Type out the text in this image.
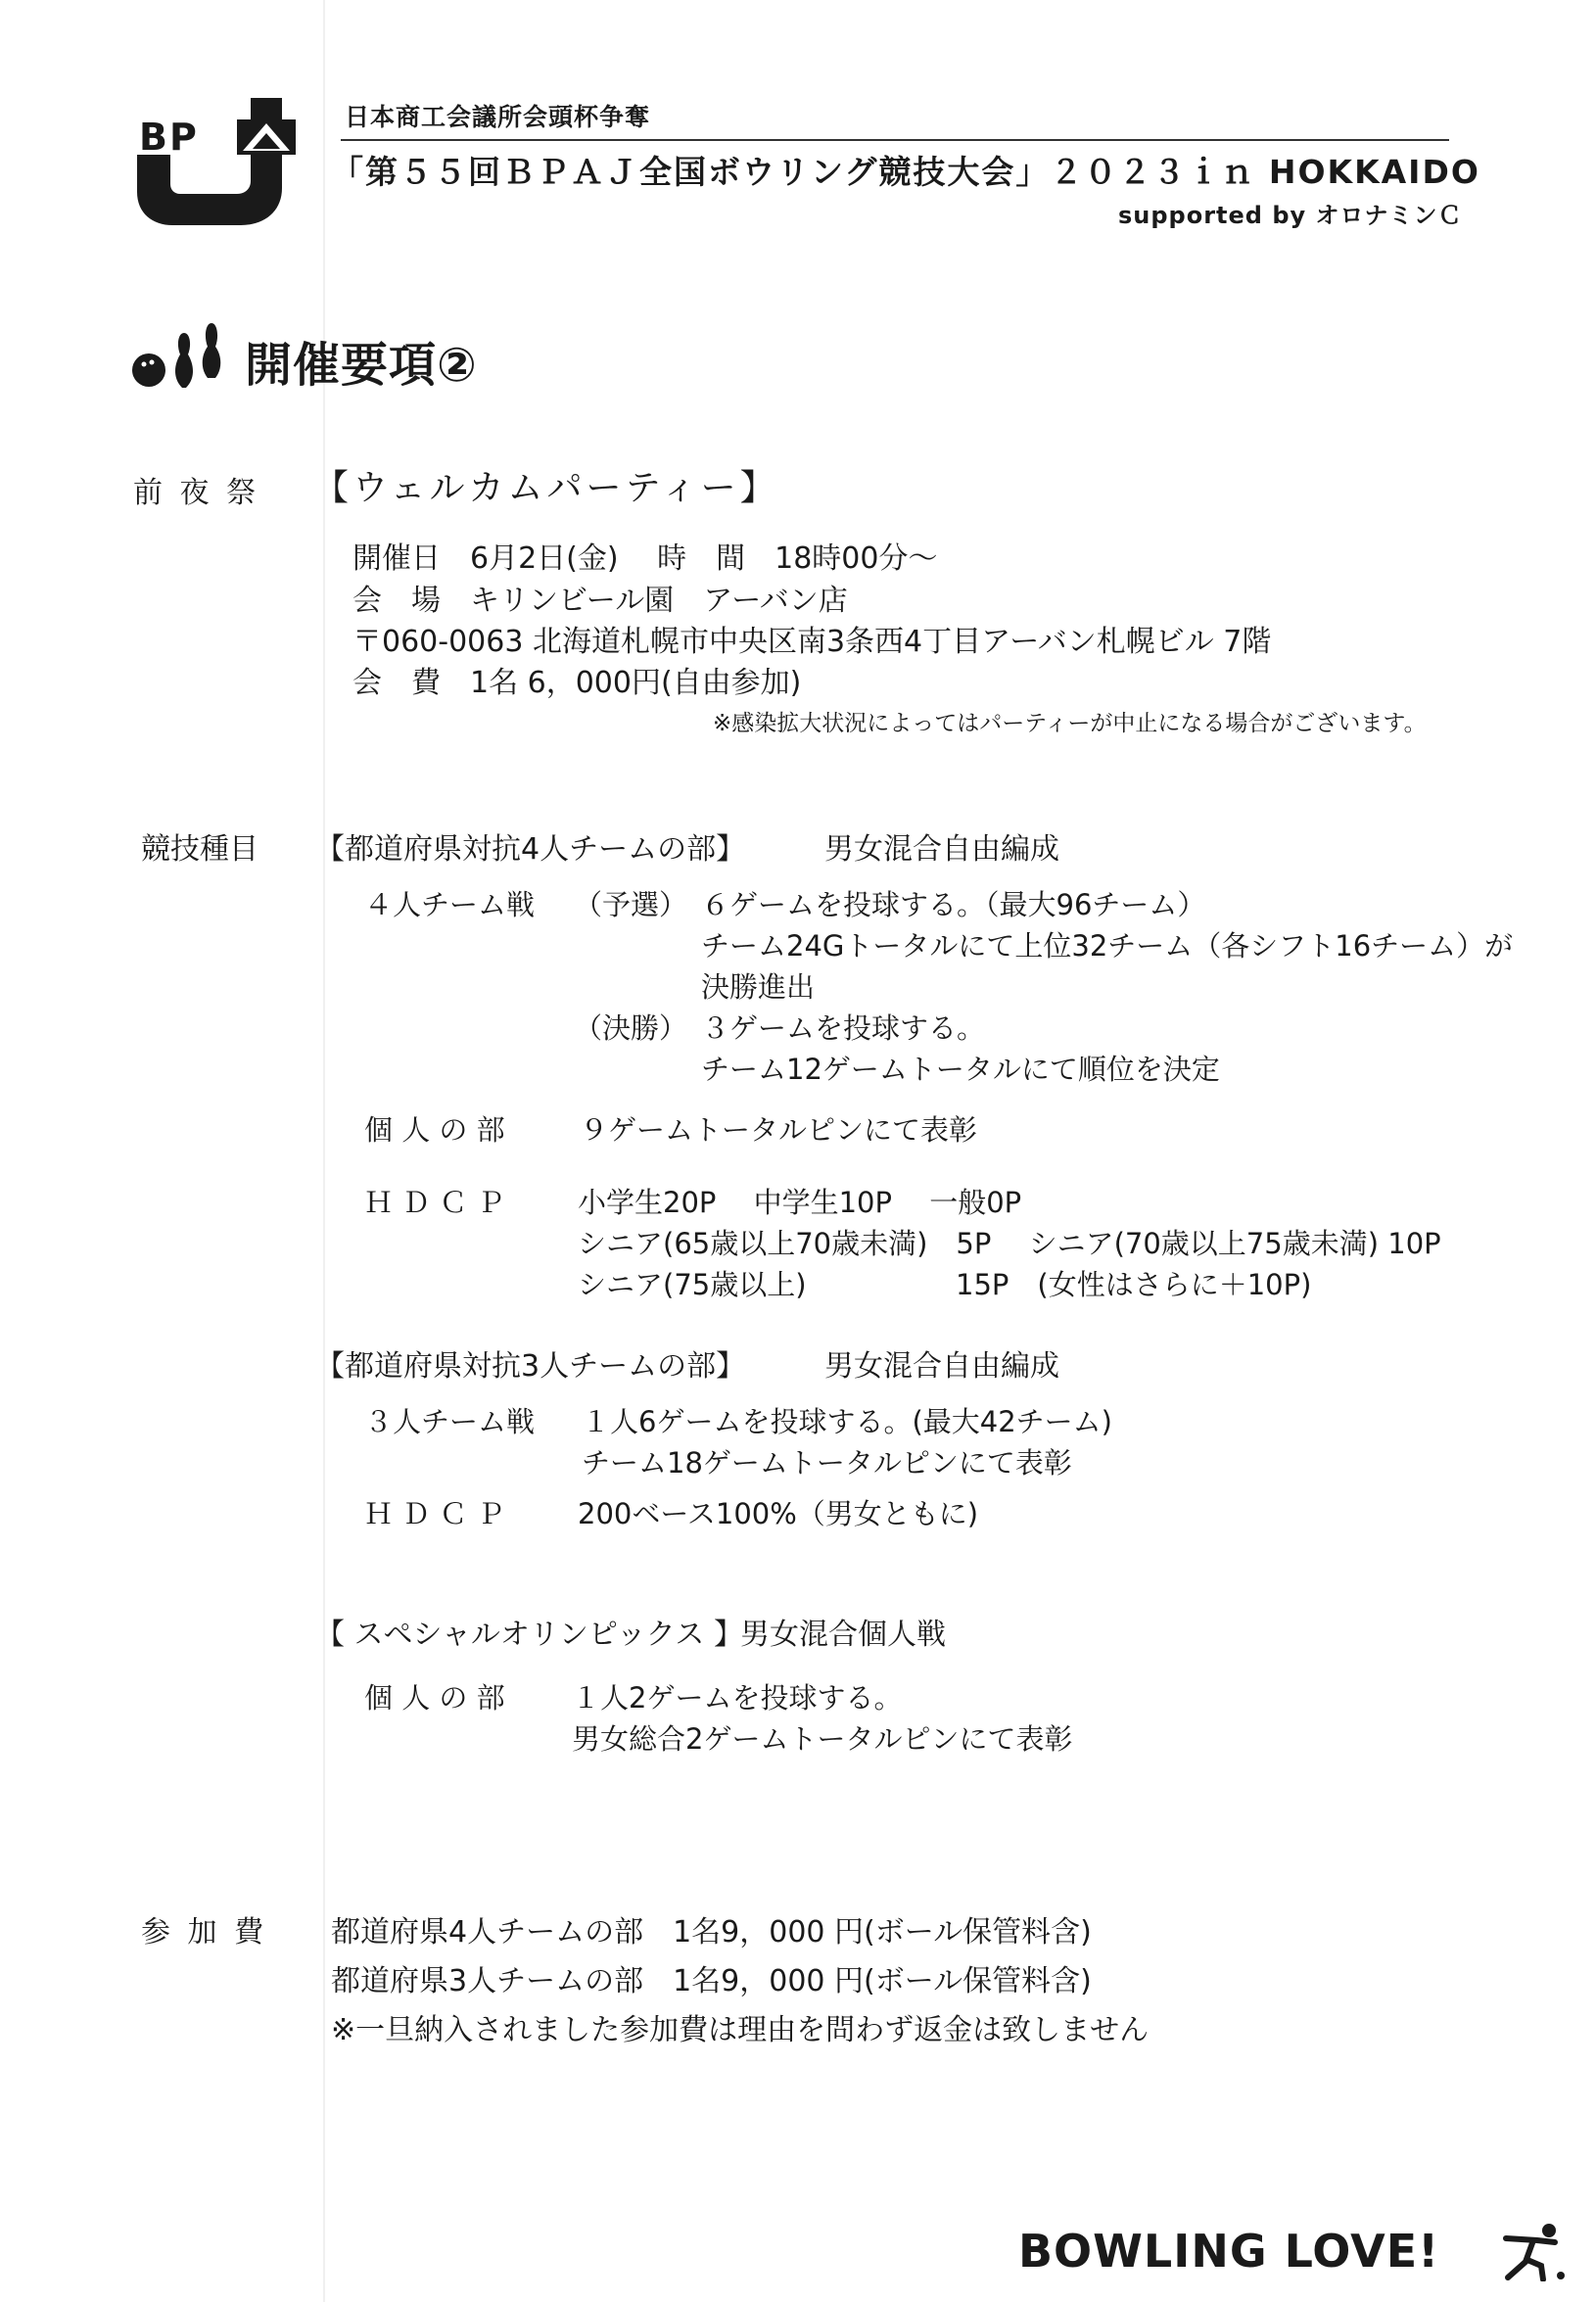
BP	日本商工会議所会頭杯争奪
「第５５回ＢＰＡＪ全国ボウリング競技大会」２０２３ｉｎ HOKKAIDO
supported by オロナミンＣ
開催要項②
前 夜 祭 【ウェルカムパーティー】
開催日　6月2日(金)　 時　間　18時00分～
会　場　キリンビール園　アーバン店
〒060-0063 北海道札幌市中央区南3条西4丁目アーバン札幌ビル 7階
会　費　1名 6，000円(自由参加)
※感染拡大状況によってはパーティーが中止になる場合がございます。
競技種目 【都道府県対抗4人チームの部】	男女混合自由編成
４人チーム戦 （予選） ６ゲームを投球する。（最大96チーム）
チーム24Gトータルにて上位32チーム（各シフト16チーム）が
決勝進出
（決勝） ３ゲームを投球する。
チーム12ゲームトータルにて順位を決定
個 人 の 部	９ゲームトータルピンにて表彰
Ｈ Ｄ Ｃ Ｐ	小学生20P　 中学生10P　 一般0P
シニア(65歳以上70歳未満)　5P　 シニア(70歳以上75歳未満) 10P
シニア(75歳以上)	15P　(女性はさらに＋10P)
【都道府県対抗3人チームの部】	男女混合自由編成
３人チーム戦 １人6ゲームを投球する。(最大42チーム)
チーム18ゲームトータルピンにて表彰
Ｈ Ｄ Ｃ Ｐ	200ベース100%（男女ともに)
【 スペシャルオリンピックス 】
男女混合個人戦
個 人 の 部 １人2ゲームを投球する。
男女総合2ゲームトータルピンにて表彰
参 加 費 都道府県4人チームの部　1名9，000 円(ボール保管料含)
都道府県3人チームの部　1名9，000 円(ボール保管料含)
※一旦納入されました参加費は理由を問わず返金は致しません
BOWLING LOVE!
